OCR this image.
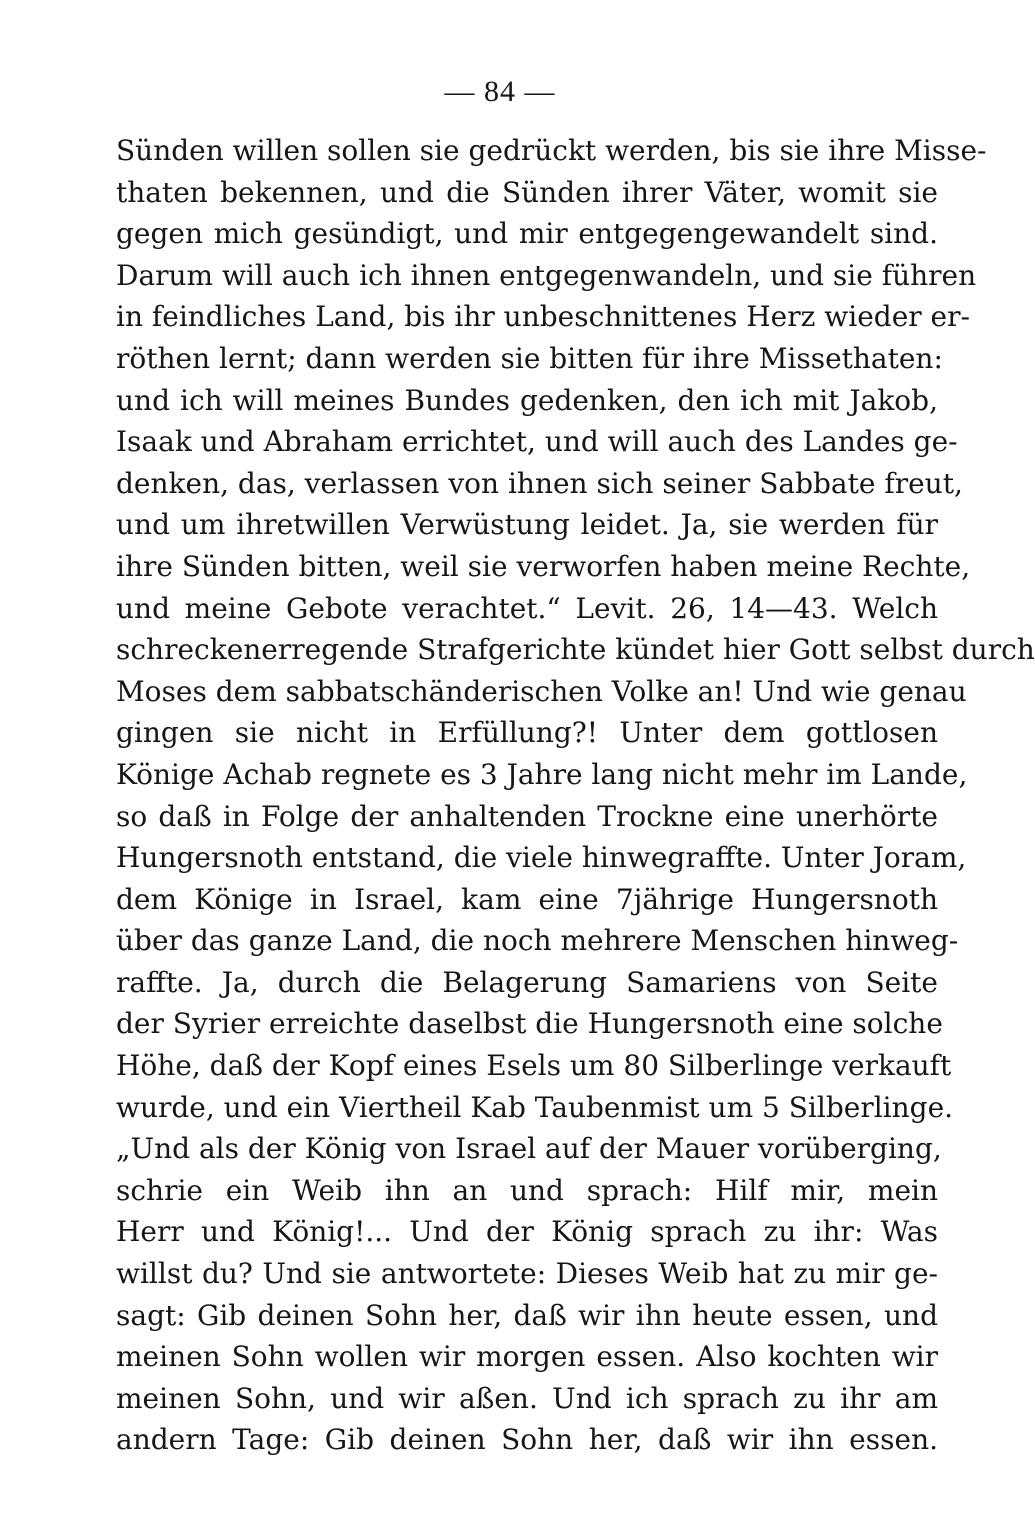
— 84 —
Sünden willen sollen sie gedrückt werden, bis sie ihre Misse-
thaten bekennen, und die Sünden ihrer Väter, womit sie
gegen mich gesündigt, und mir entgegengewandelt sind.
Darum will auch ich ihnen entgegenwandeln, und sie führen
in feindliches Land, bis ihr unbeschnittenes Herz wieder er-
röthen lernt; dann werden sie bitten für ihre Missethaten:
und ich will meines Bundes gedenken, den ich mit Jakob,
Isaak und Abraham errichtet, und will auch des Landes ge-
denken, das, verlassen von ihnen sich seiner Sabbate freut,
und um ihretwillen Verwüstung leidet. Ja, sie werden für
ihre Sünden bitten, weil sie verworfen haben meine Rechte,
und meine Gebote verachtet.“ Levit. 26, 14—43. Welch
schreckenerregende Strafgerichte kündet hier Gott selbst durch
Moses dem sabbatschänderischen Volke an! Und wie genau
gingen sie nicht in Erfüllung?! Unter dem gottlosen
Könige Achab regnete es 3 Jahre lang nicht mehr im Lande,
so daß in Folge der anhaltenden Trockne eine unerhörte
Hungersnoth entstand, die viele hinwegraffte. Unter Joram,
dem Könige in Israel, kam eine 7jährige Hungersnoth
über das ganze Land, die noch mehrere Menschen hinweg-
raffte. Ja, durch die Belagerung Samariens von Seite
der Syrier erreichte daselbst die Hungersnoth eine solche
Höhe, daß der Kopf eines Esels um 80 Silberlinge verkauft
wurde, und ein Viertheil Kab Taubenmist um 5 Silberlinge.
„Und als der König von Israel auf der Mauer vorüberging,
schrie ein Weib ihn an und sprach: Hilf mir, mein
Herr und König!... Und der König sprach zu ihr: Was
willst du? Und sie antwortete: Dieses Weib hat zu mir ge-
sagt: Gib deinen Sohn her, daß wir ihn heute essen, und
meinen Sohn wollen wir morgen essen. Also kochten wir
meinen Sohn, und wir aßen. Und ich sprach zu ihr am
andern Tage: Gib deinen Sohn her, daß wir ihn essen.
